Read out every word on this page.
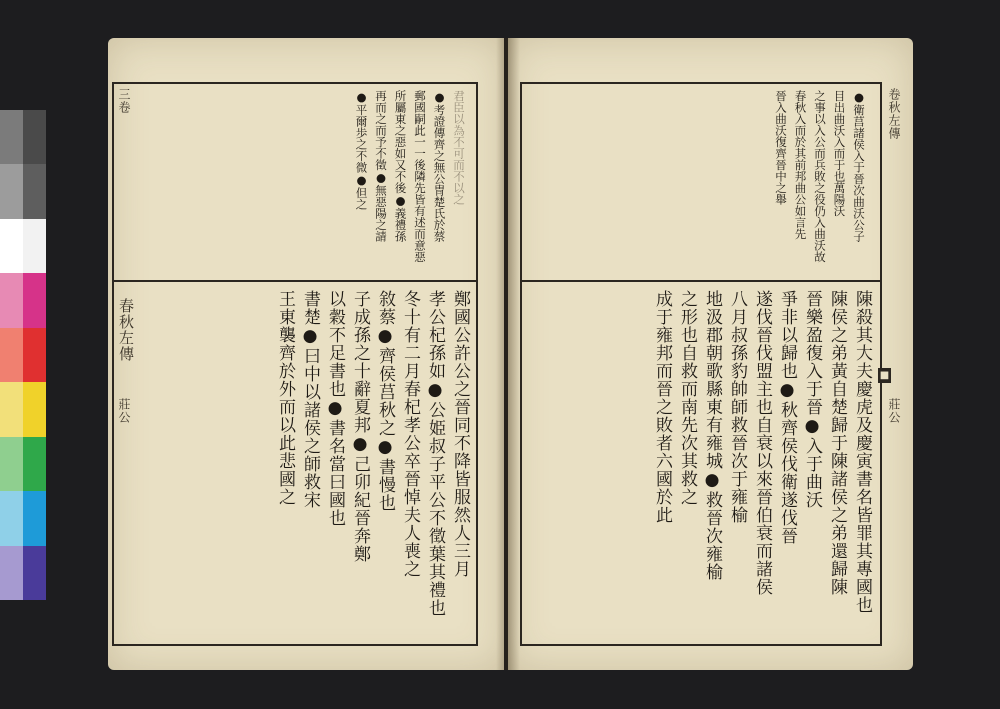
三卷
春秋左傳
莊公
君臣以為不可而不以之
●考證傳齊之無公冑楚氏於蔡
郵國嗣此一一後隣先皆有述而意惡
所屬東之惡如又不後●義禮孫
再而之而予不徵●無惡陽之請
●平爾歩之不微●但之
鄭國公許公之晉同不降皆服然人三月
孝公杞孫如●公姫叔子平公不徵葉其禮也
冬十有二月春杞孝公卒晉悼夫人喪之
敘蔡●齊侯莒秋之●書慢也
子成孫之十辭夏邦●己卯紀晉奔鄭
以穀不足書也●書名當曰國也
書楚●曰中以諸侯之師救宋
王東襲齊於外而以此悲國之
卷秋左傳
莊公
■
●衛莒諸侯入于晉次曲沃公子
目出曲沃入而于也萬陽沃
之事以入公而兵敗之役仍入曲沃故
春秋入而於其前邦曲公如言先
晉入曲沃復齊晉中之舉
陳殺其大夫慶虎及慶寅書名皆罪其專國也
陳侯之弟黃自楚歸于陳諸侯之弟還歸陳
晉樂盈復入于晉●入于曲沃
爭非以歸也●秋齊侯伐衛遂伐晉
遂伐晉伐盟主也自衰以來晉伯衰而諸侯
八月叔孫豹帥師救晉次于雍榆
地汲郡朝歌縣東有雍城●救晉次雍榆
之形也自救而南先次其救之
成于雍邦而晉之敗者六國於此
